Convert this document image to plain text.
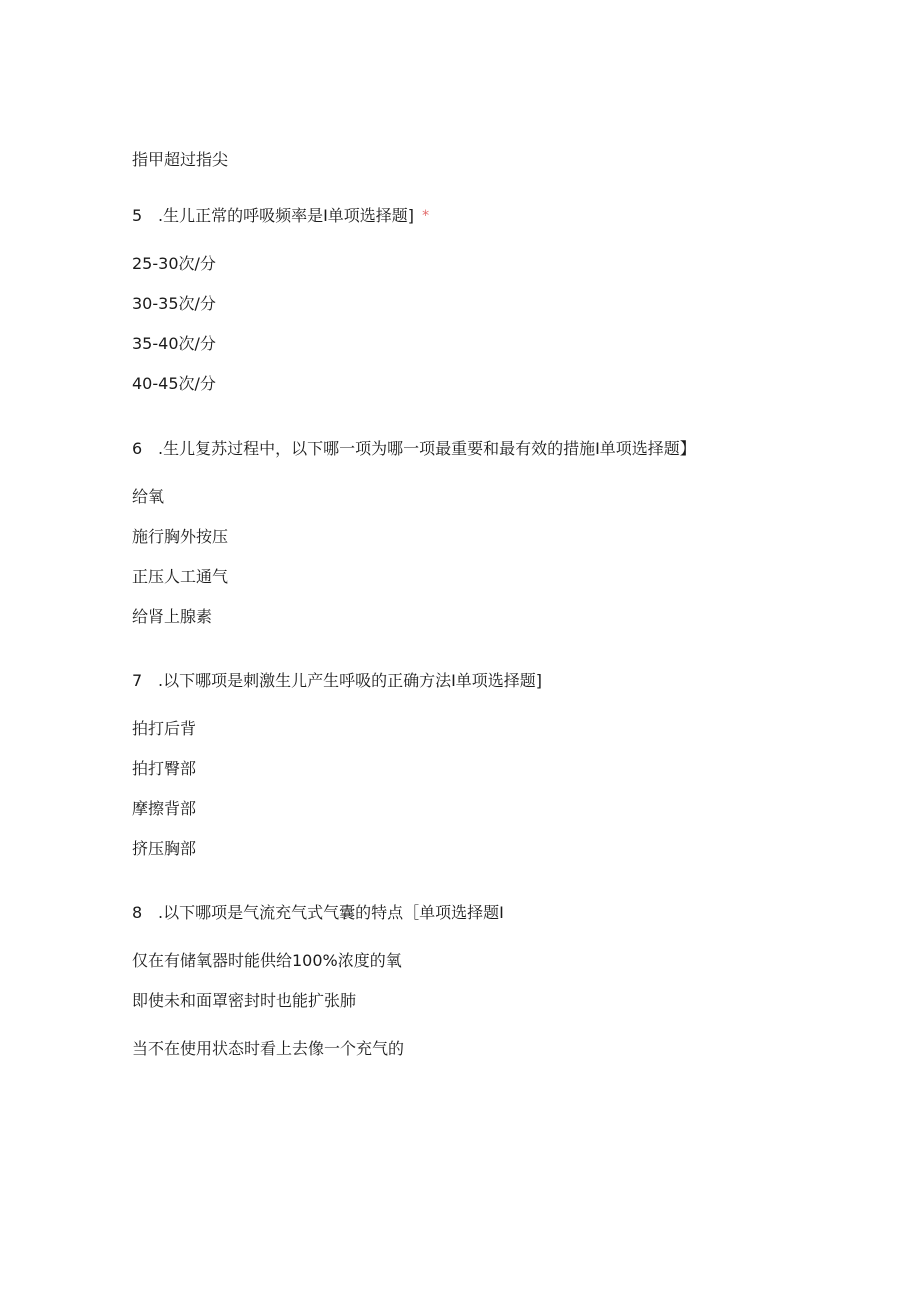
指甲超过指尖
5 .生儿正常的呼吸频率是I单项选择题] *
25-30次/分
30-35次/分
35-40次/分
40-45次/分
6 .生儿复苏过程中，以下哪一项为哪一项最重要和最有效的措施I单项选择题】
给氧
施行胸外按压
正压人工通气
给肾上腺素
7 .以下哪项是刺激生儿产生呼吸的正确方法I单项选择题]
拍打后背
拍打臀部
摩擦背部
挤压胸部
8 .以下哪项是气流充气式气囊的特点［单项选择题I
仅在有储氧器时能供给100%浓度的氧
即使未和面罩密封时也能扩张肺
当不在使用状态时看上去像一个充气的
